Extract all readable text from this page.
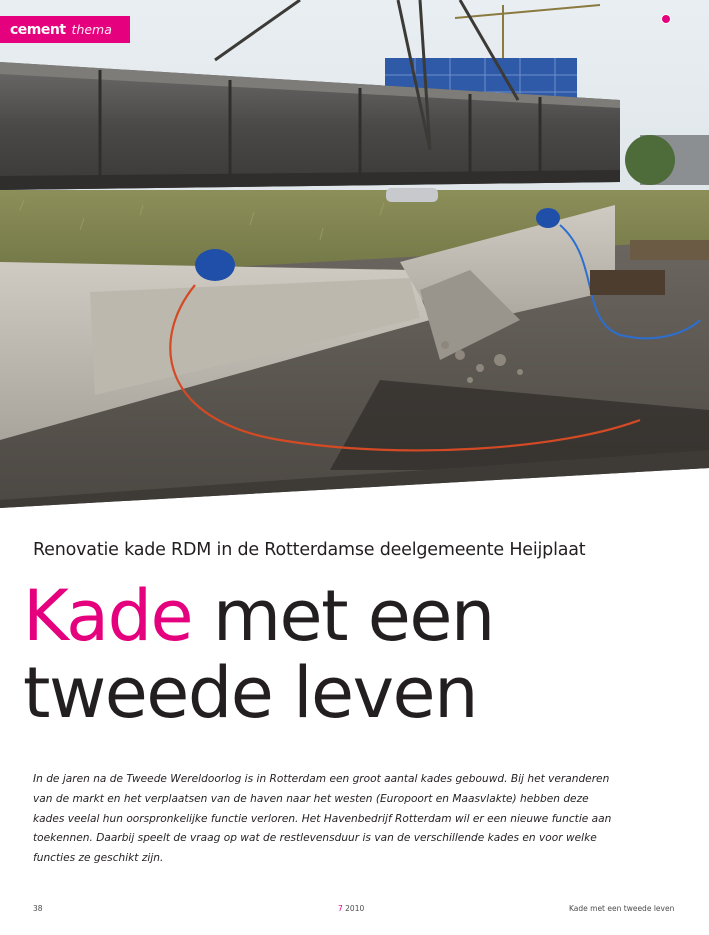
cement thema
Renovatie kade RDM in de Rotterdamse deelgemeente Heijplaat
Kade met een
tweede leven

In de jaren na de Tweede Wereldoorlog is in Rotterdam een groot aantal kades gebouwd. Bij het veranderen van de markt en het verplaatsen van de haven naar het westen (Europoort en Maasvlakte) hebben deze kades veelal hun oorspronkelijke functie verloren. Het Havenbedrijf Rotterdam wil er een nieuwe functie aan toekennen. Daarbij speelt de vraag op wat de restlevensduur is van de verschillende kades en voor welke functies ze geschikt zijn.

38	7 2010	Kade met een tweede leven
